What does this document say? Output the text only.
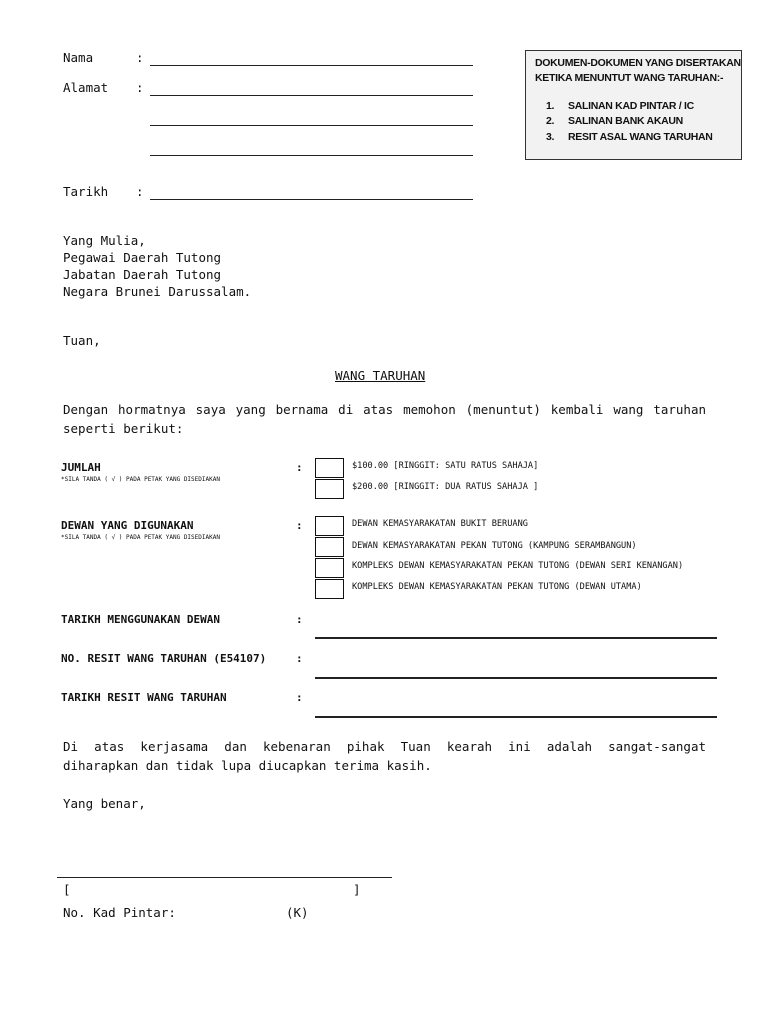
Nama	:
Alamat :
Tarikh :
DOKUMEN-DOKUMEN YANG DISERTAKAN
KETIKA MENUNTUT WANG TARUHAN:-
1. SALINAN KAD PINTAR / IC
2. SALINAN BANK AKAUN
3. RESIT ASAL WANG TARUHAN
Yang Mulia,
Pegawai Daerah Tutong
Jabatan Daerah Tutong
Negara Brunei Darussalam.
Tuan,
WANG TARUHAN
Dengan hormatnya saya yang bernama di atas memohon (menuntut) kembali wang taruhan
seperti berikut:
JUMLAH
*SILA TANDA ( √ ) PADA PETAK YANG DISEDIAKAN
:	$100.00 [RINGGIT: SATU RATUS SAHAJA]
$200.00 [RINGGIT: DUA RATUS SAHAJA ]
DEWAN YANG DIGUNAKAN
*SILA TANDA ( √ ) PADA PETAK YANG DISEDIAKAN
:	DEWAN KEMASYARAKATAN BUKIT BERUANG
DEWAN KEMASYARAKATAN PEKAN TUTONG (KAMPUNG SERAMBANGUN)
KOMPLEKS DEWAN KEMASYARAKATAN PEKAN TUTONG (DEWAN SERI KENANGAN)
KOMPLEKS DEWAN KEMASYARAKATAN PEKAN TUTONG (DEWAN UTAMA)
TARIKH MENGGUNAKAN DEWAN	:
NO. RESIT WANG TARUHAN (E54107)	:
TARIKH RESIT WANG TARUHAN	:
Di atas kerjasama dan kebenaran pihak Tuan kearah ini adalah sangat-sangat
diharapkan dan tidak lupa diucapkan terima kasih.
Yang benar,
[	]
No. Kad Pintar:	(K)
